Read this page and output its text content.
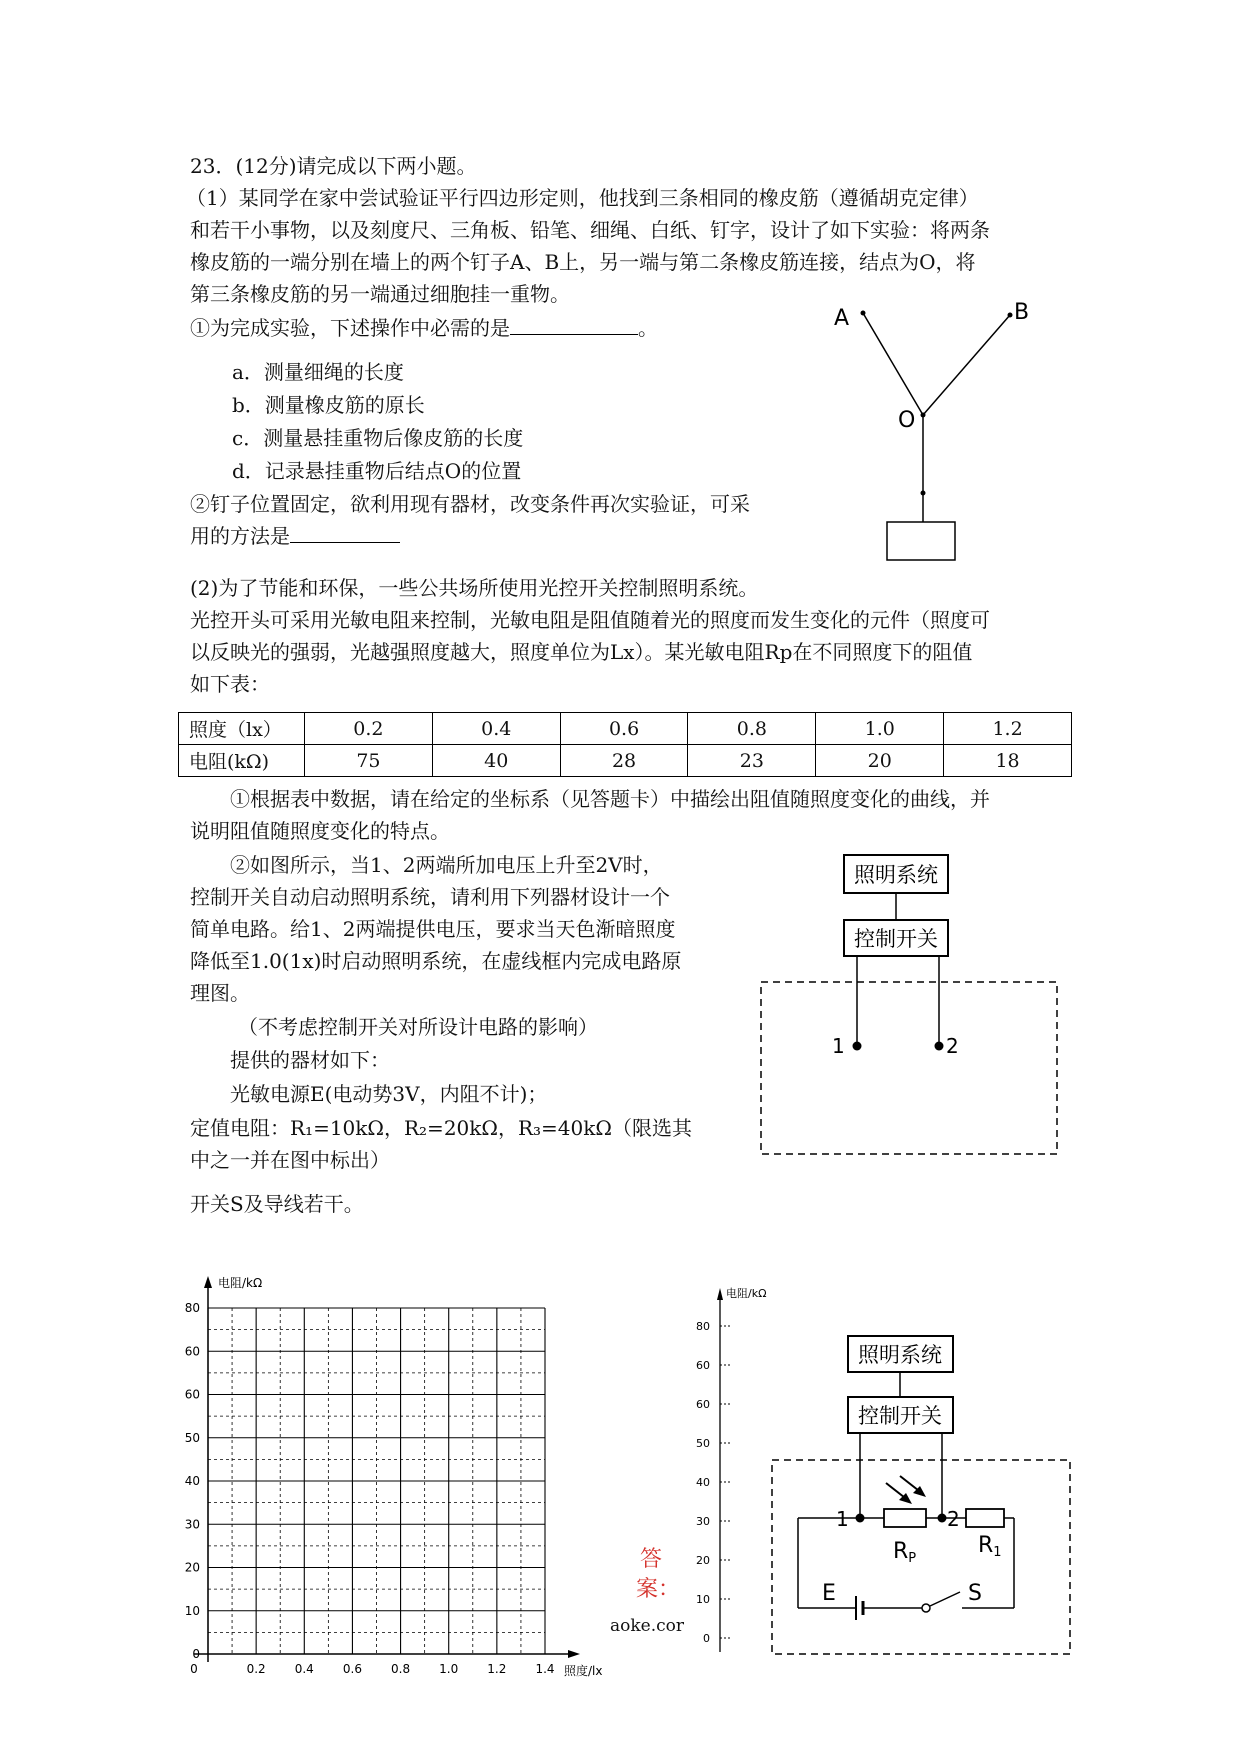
23．(12分)请完成以下两小题。
（1）某同学在家中尝试验证平行四边形定则，他找到三条相同的橡皮筋（遵循胡克定律）
和若干小事物，以及刻度尺、三角板、铅笔、细绳、白纸、钉字，设计了如下实验：将两条
橡皮筋的一端分别在墙上的两个钉子A、B上，另一端与第二条橡皮筋连接，结点为O，将
第三条橡皮筋的另一端通过细胞挂一重物。
①为完成实验，下述操作中必需的是	。
a．测量细绳的长度
b．测量橡皮筋的原长
c．测量悬挂重物后像皮筋的长度
d．记录悬挂重物后结点O的位置
②钉子位置固定，欲利用现有器材，改变条件再次实验证，可采
用的方法是
A	B
O
(2)为了节能和环保，一些公共场所使用光控开关控制照明系统。
光控开头可采用光敏电阻来控制，光敏电阻是阻值随着光的照度而发生变化的元件（照度可
以反映光的强弱，光越强照度越大，照度单位为Lx）。某光敏电阻Rp在不同照度下的阻值
如下表：
照度（lx）	0.2	0.4	0.6	0.8	1.0	1.2
电阻(kΩ)	75	40	28	23	20	18
①根据表中数据，请在给定的坐标系（见答题卡）中描绘出阻值随照度变化的曲线，并
说明阻值随照度变化的特点。
②如图所示，当1、2两端所加电压上升至2V时，
控制开关自动启动照明系统，请利用下列器材设计一个
简单电路。给1、2两端提供电压，要求当天色渐暗照度
降低至1.0(1x)时启动照明系统，在虚线框内完成电路原
理图。
（不考虑控制开关对所设计电路的影响）
提供的器材如下：
光敏电源E(电动势3V，内阻不计)；
定值电阻：R₁=10kΩ，R₂=20kΩ，R₃=40kΩ（限选其
中之一并在图中标出）
开关S及导线若干。
照明系统
控制开关
1	2
电阻/kΩ
照度/lx
80
60
60
50
40
30
20
10
0
0.2 0.4 0.6 0.8 1.0 1.2 1.4
0
答
案：
aoke.cor
电阻/kΩ
80
60
60
50
40
30
20
10
0
照明系统
控制开关
1	2
RP
R1
E	S
